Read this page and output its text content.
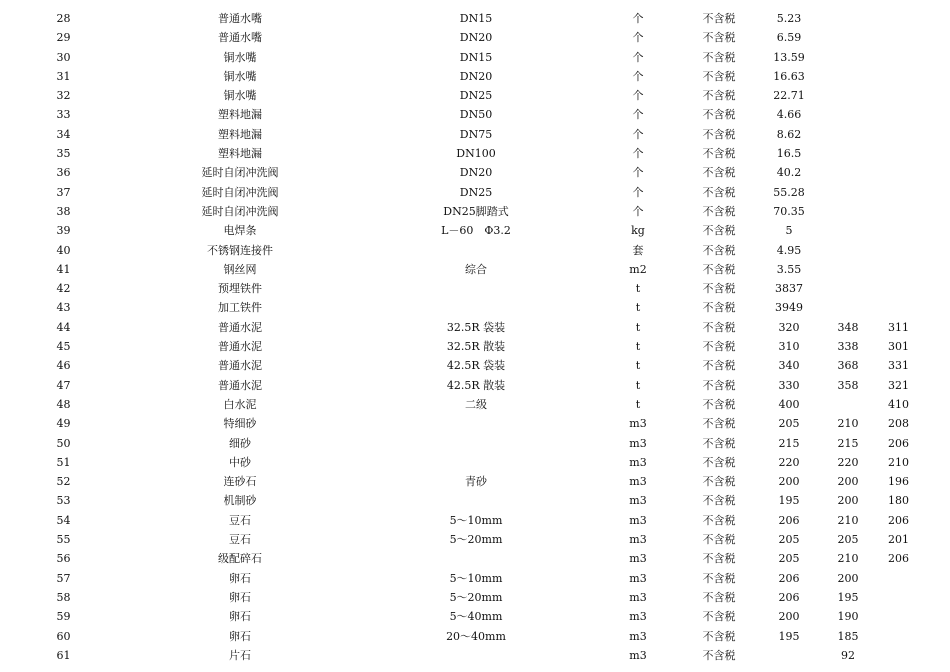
28	普通水嘴	DN15	个	不含税	5.23			
29	普通水嘴	DN20	个	不含税	6.59			
30	铜水嘴	DN15	个	不含税	13.59			
31	铜水嘴	DN20	个	不含税	16.63			
32	铜水嘴	DN25	个	不含税	22.71			
33	塑料地漏	DN50	个	不含税	4.66			
34	塑料地漏	DN75	个	不含税	8.62			
35	塑料地漏	DN100	个	不含税	16.5			
36	延时自闭冲洗阀	DN20	个	不含税	40.2			
37	延时自闭冲洗阀	DN25	个	不含税	55.28			
38	延时自闭冲洗阀	DN25脚踏式	个	不含税	70.35			
39	电焊条	L－60　Φ3.2	kg	不含税	5			
40	不锈钢连接件		套	不含税	4.95			
41	钢丝网	综合	m2	不含税	3.55			
42	预埋铁件		t	不含税	3837			
43	加工铁件		t	不含税	3949			
44	普通水泥	32.5R 袋装	t	不含税	320	348	311	
45	普通水泥	32.5R 散装	t	不含税	310	338	301	
46	普通水泥	42.5R 袋装	t	不含税	340	368	331	
47	普通水泥	42.5R 散装	t	不含税	330	358	321	
48	白水泥	二级	t	不含税	400		410	
49	特细砂		m3	不含税	205	210	208	
50	细砂		m3	不含税	215	215	206	
51	中砂		m3	不含税	220	220	210	
52	连砂石	青砂	m3	不含税	200	200	196	
53	机制砂		m3	不含税	195	200	180	
54	豆石	5～10mm	m3	不含税	206	210	206	
55	豆石	5～20mm	m3	不含税	205	205	201	
56	级配碎石		m3	不含税	205	210	206	
57	卵石	5～10mm	m3	不含税	206	200		
58	卵石	5～20mm	m3	不含税	206	195		
59	卵石	5～40mm	m3	不含税	200	190		
60	卵石	20～40mm	m3	不含税	195	185		
61	片石		m3	不含税		92		
